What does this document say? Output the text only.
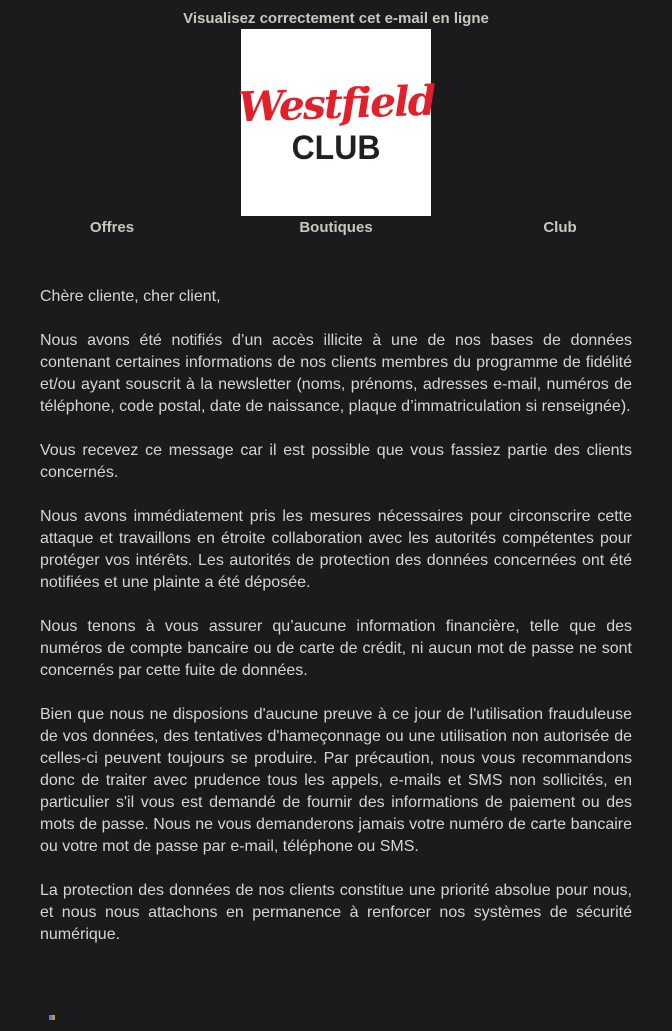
Visualisez correctement cet e-mail en ligne
Westfield
CLUB
Offres	Boutiques	Club

Chère cliente, cher client,

Nous avons été notifiés d’un accès illicite à une de nos bases de données contenant certaines informations de nos clients membres du programme de fidélité et/ou ayant souscrit à la newsletter (noms, prénoms, adresses e-mail, numéros de téléphone, code postal, date de naissance, plaque d’immatriculation si renseignée).

Vous recevez ce message car il est possible que vous fassiez partie des clients concernés.

Nous avons immédiatement pris les mesures nécessaires pour circonscrire cette attaque et travaillons en étroite collaboration avec les autorités compétentes pour protéger vos intérêts. Les autorités de protection des données concernées ont été notifiées et une plainte a été déposée.

Nous tenons à vous assurer qu’aucune information financière, telle que des numéros de compte bancaire ou de carte de crédit, ni aucun mot de passe ne sont concernés par cette fuite de données.

Bien que nous ne disposions d'aucune preuve à ce jour de l'utilisation frauduleuse de vos données, des tentatives d'hameçonnage ou une utilisation non autorisée de celles-ci peuvent toujours se produire. Par précaution, nous vous recommandons donc de traiter avec prudence tous les appels, e-mails et SMS non sollicités, en particulier s'il vous est demandé de fournir des informations de paiement ou des mots de passe. Nous ne vous demanderons jamais votre numéro de carte bancaire ou votre mot de passe par e-mail, téléphone ou SMS.

La protection des données de nos clients constitue une priorité absolue pour nous, et nous nous attachons en permanence à renforcer nos systèmes de sécurité numérique.
